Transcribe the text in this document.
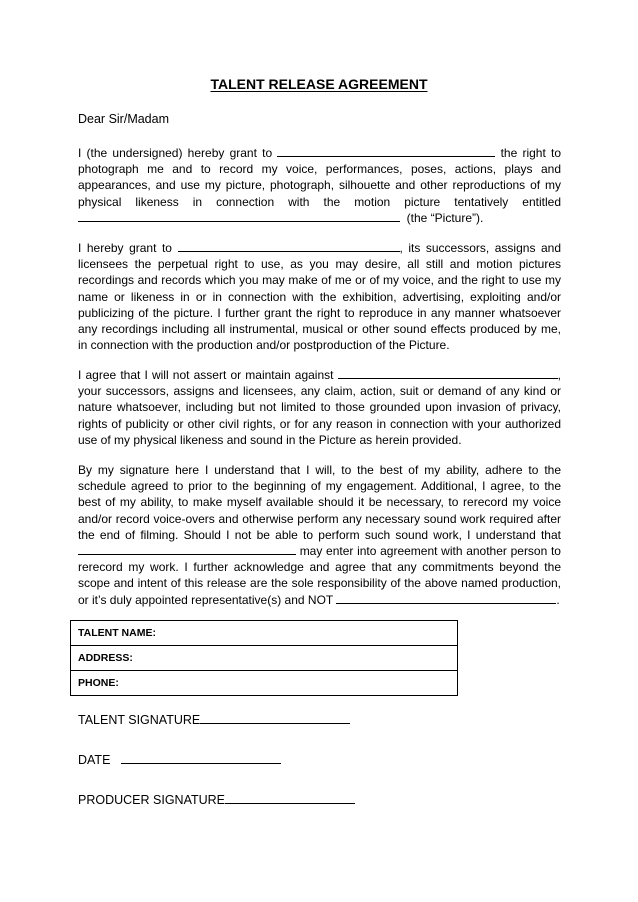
TALENT RELEASE AGREEMENT
Dear Sir/Madam

I (the undersigned) hereby grant to	the right to photograph me and to record my voice, performances, poses, actions, plays and appearances, and use my picture, photograph, silhouette and other reproductions of my physical likeness in connection with the motion picture tentatively entitled   (the “Picture”).

I hereby grant to	, its successors, assigns and licensees the perpetual right to use, as you may desire, all still and motion pictures recordings and records which you may make of me or of my voice, and the right to use my name or likeness in or in connection with the exhibition, advertising, exploiting and/or publicizing of the picture. I further grant the right to reproduce in any manner whatsoever any recordings including all instrumental, musical or other sound effects produced by me, in connection with the production and/or postproduction of the Picture.

I agree that I will not assert or maintain against	, your successors, assigns and licensees, any claim, action, suit or demand of any kind or nature whatsoever, including but not limited to those grounded upon invasion of privacy, rights of publicity or other civil rights, or for any reason in connection with your authorized use of my physical likeness and sound in the Picture as herein provided.

By my signature here I understand that I will, to the best of my ability, adhere to the schedule agreed to prior to the beginning of my engagement. Additional, I agree, to the best of my ability, to make myself available should it be necessary, to rerecord my voice and/or record voice-overs and otherwise perform any necessary sound work required after the end of filming. Should I not be able to perform such sound work, I understand that  may enter into agreement with another person to rerecord my work. I further acknowledge and agree that any commitments beyond the scope and intent of this release are the sole responsibility of the above named production, or it’s duly appointed representative(s) and NOT	.

TALENT NAME:
ADDRESS:
PHONE:
TALENT SIGNATURE
DATE
PRODUCER SIGNATURE
